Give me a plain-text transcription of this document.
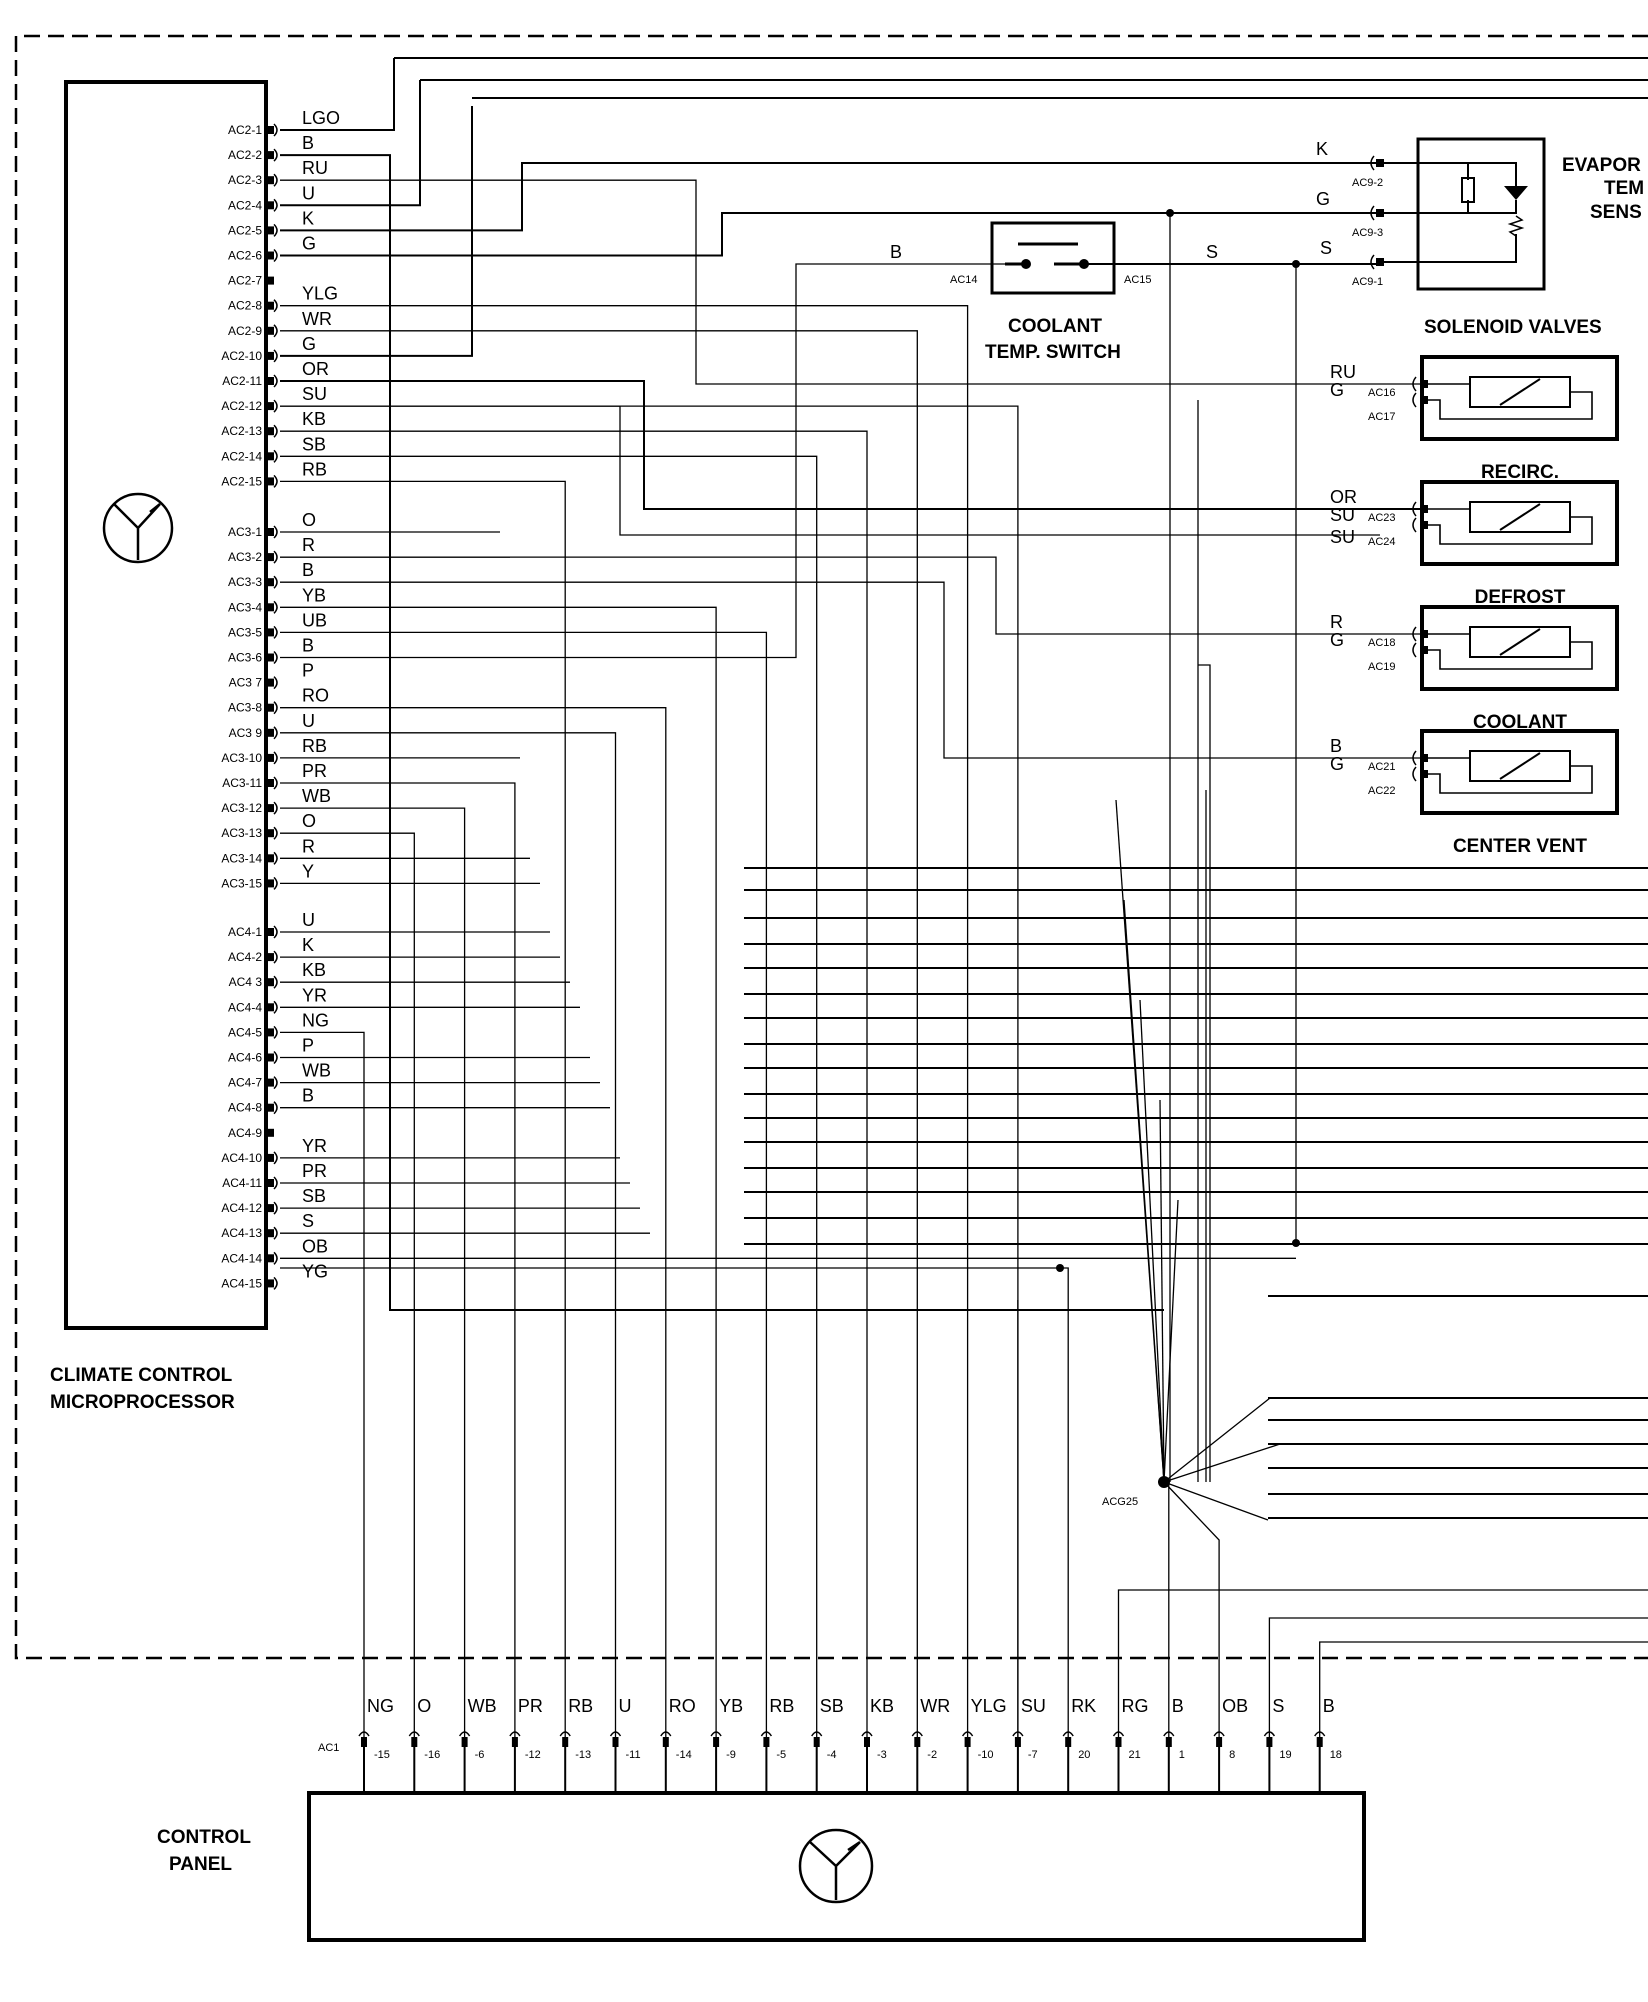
CLIMATE CONTROL
MICROPROCESSOR
AC2-1
LGO
AC2-2
B
AC2-3
RU
AC2-4
U
AC2-5
K
AC2-6
G
AC2-7
AC2-8
YLG
AC2-9
WR
AC2-10
G
AC2-11
OR
AC2-12
SU
AC2-13
KB
AC2-14
SB
AC2-15
RB
AC3-1
O
AC3-2
R
AC3-3
B
AC3-4
YB
AC3-5
UB
AC3-6
B
AC3 7
P
AC3-8
RO
AC3 9
U
AC3-10
RB
AC3-11
PR
AC3-12
WB
AC3-13
O
AC3-14
R
AC3-15
Y
AC4-1
U
AC4-2
K
AC4 3
KB
AC4-4
YR
AC4-5
NG
AC4-6
P
AC4-7
WB
AC4-8
B
AC4-9
AC4-10
YR
AC4-11
PR
AC4-12
SB
AC4-13
S
AC4-14
OB
AC4-15
YG
CONTROL
PANEL
AC1
NG
-15
O
-16
WB
-6
PR
-12
RB
-13
U
-11
RO
-14
YB
-9
RB
-5
SB
-4
KB
-3
WR
-2
YLG
-10
SU
-7
RK
20
RG
21
B
1
OB
8
S
19
B
18
COOLANT
TEMP. SWITCH
B	S
AC14	AC15
EVAPOR
TEM
SENS
K
AC9-2
G
AC9-3
S
AC9-1
SOLENOID VALVES
RU
G AC16
AC17
RECIRC.
OR
SU
SU
AC23
AC24
DEFROST
R
G AC18
AC19
COOLANT
B
G AC21
AC22
CENTER VENT
ACG25
